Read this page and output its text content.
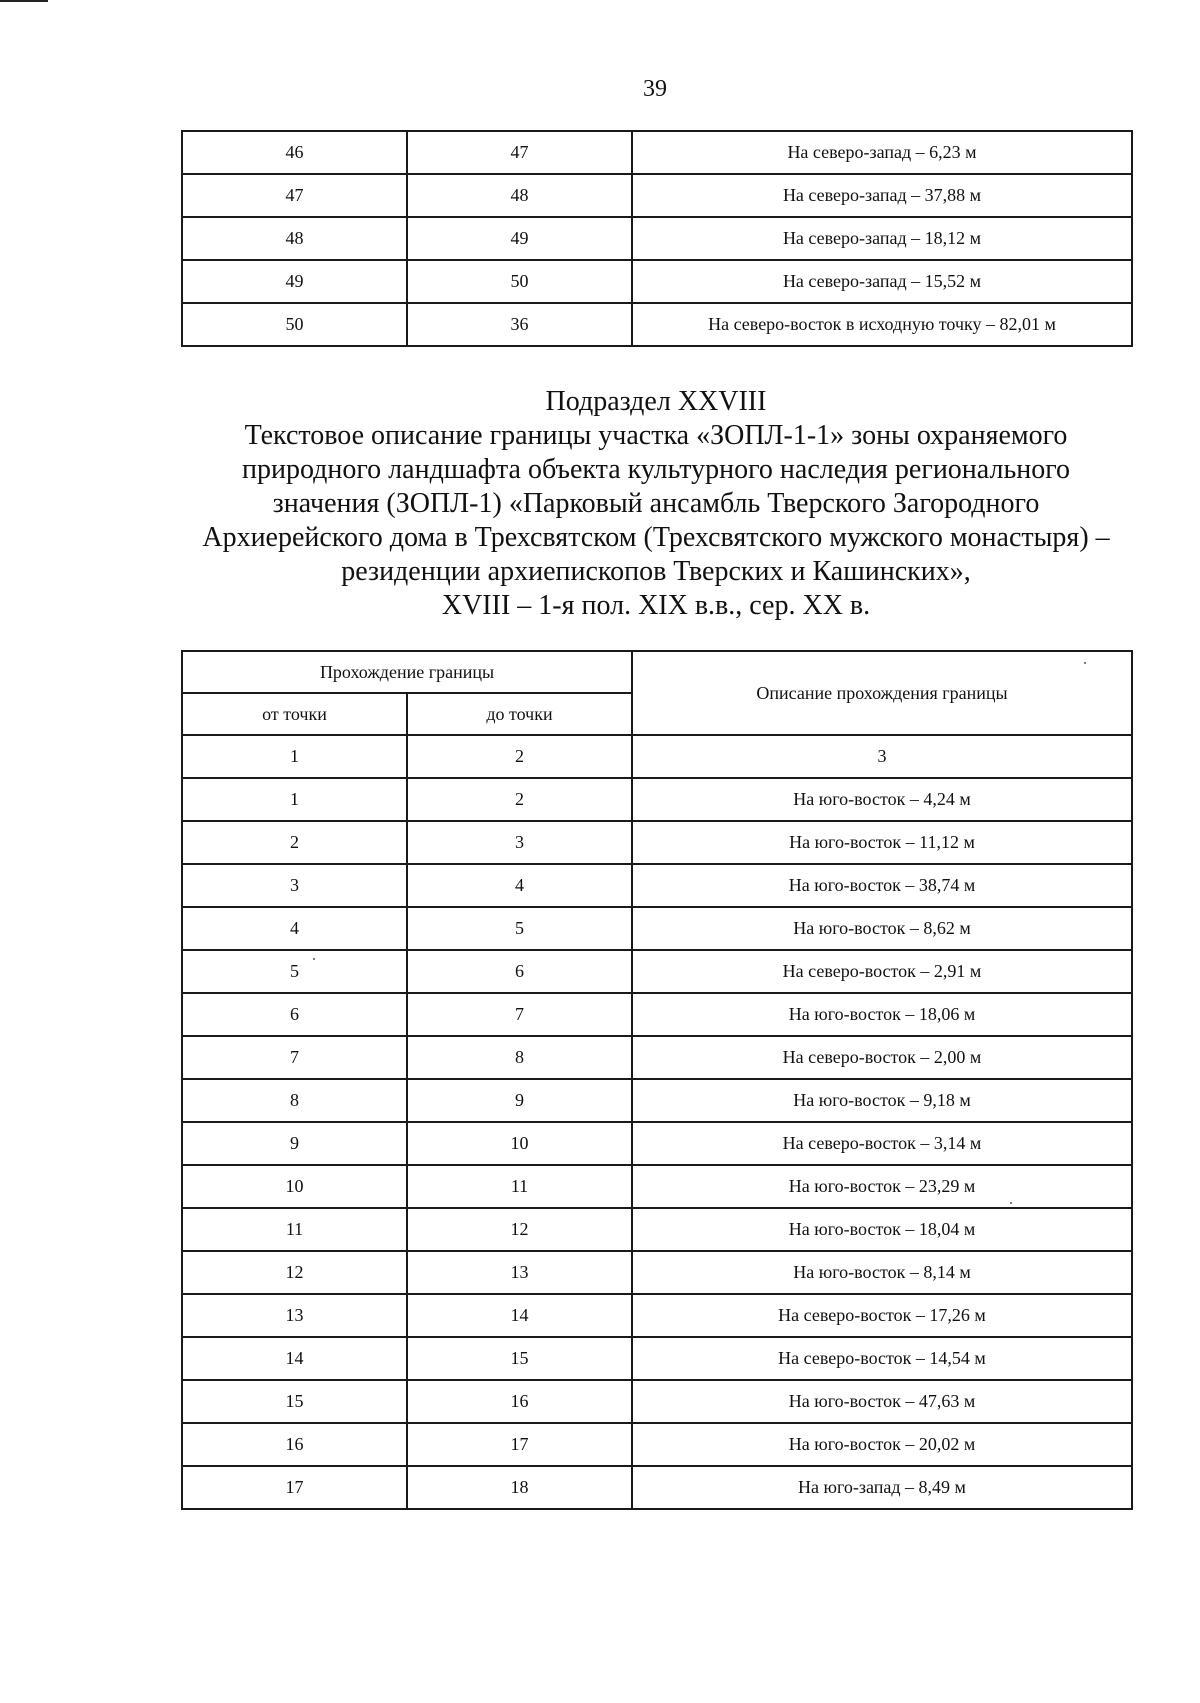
39
46	47	На северо-запад – 6,23 м
47	48	На северо-запад – 37,88 м
48	49	На северо-запад – 18,12 м
49	50	На северо-запад – 15,52 м
50	36	На северо-восток в исходную точку – 82,01 м
Подраздел XXVIII
Текстовое описание границы участка «ЗОПЛ-1-1» зоны охраняемого
природного ландшафта объекта культурного наследия регионального
значения (ЗОПЛ-1) «Парковый ансамбль Тверского Загородного
Архиерейского дома в Трехсвятском (Трехсвятского мужского монастыря) –
резиденции архиепископов Тверских и Кашинских»,
XVIII – 1-я пол. XIX в.в., сер. XX в.
Прохождение границы		Описание прохождения границы
от точки	до точки	
1	2	3
1	2	На юго-восток – 4,24 м
2	3	На юго-восток – 11,12 м
3	4	На юго-восток – 38,74 м
4	5	На юго-восток – 8,62 м
5	6	На северо-восток – 2,91 м
6	7	На юго-восток – 18,06 м
7	8	На северо-восток – 2,00 м
8	9	На юго-восток – 9,18 м
9	10	На северо-восток – 3,14 м
10	11	На юго-восток – 23,29 м
11	12	На юго-восток – 18,04 м
12	13	На юго-восток – 8,14 м
13	14	На северо-восток – 17,26 м
14	15	На северо-восток – 14,54 м
15	16	На юго-восток – 47,63 м
16	17	На юго-восток – 20,02 м
17	18	На юго-запад – 8,49 м
